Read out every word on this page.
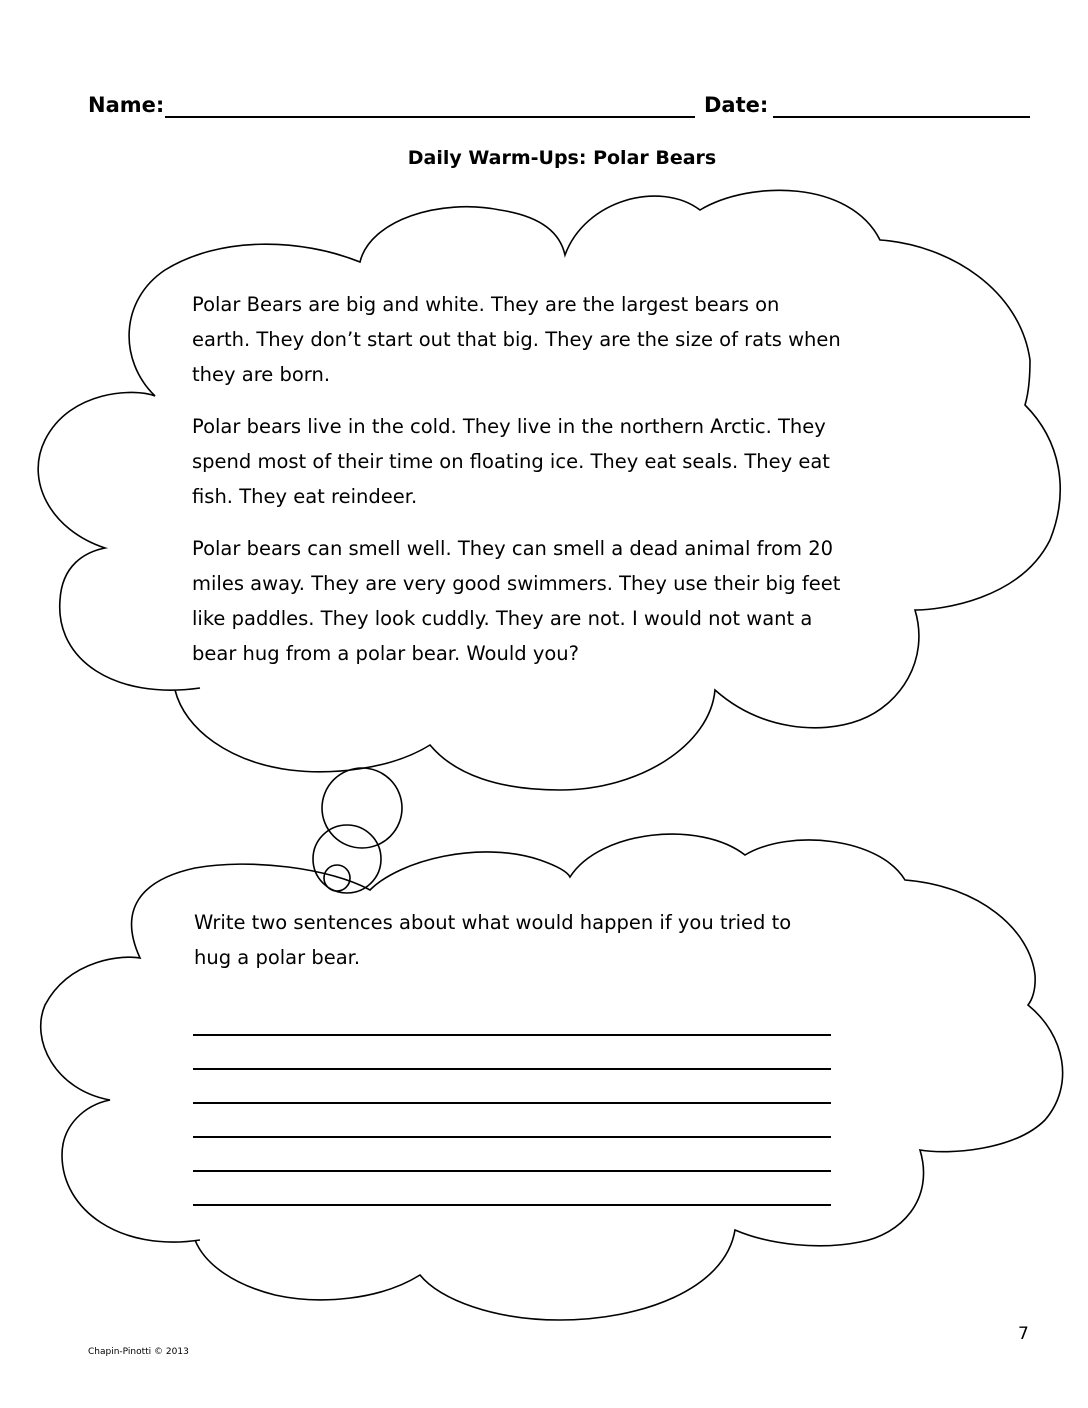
Name:	Date:
Daily Warm-Ups: Polar Bears

Polar Bears are big and white. They are the largest bears on earth. They don’t start out that big. They are the size of rats when they are born.

Polar bears live in the cold. They live in the northern Arctic. They spend most of their time on floating ice. They eat seals. They eat fish. They eat reindeer.

Polar bears can smell well. They can smell a dead animal from 20 miles away. They are very good swimmers. They use their big feet like paddles. They look cuddly. They are not. I would not want a bear hug from a polar bear. Would you?

Write two sentences about what would happen if you tried to hug a polar bear.

7
Chapin-Pinotti © 2013
